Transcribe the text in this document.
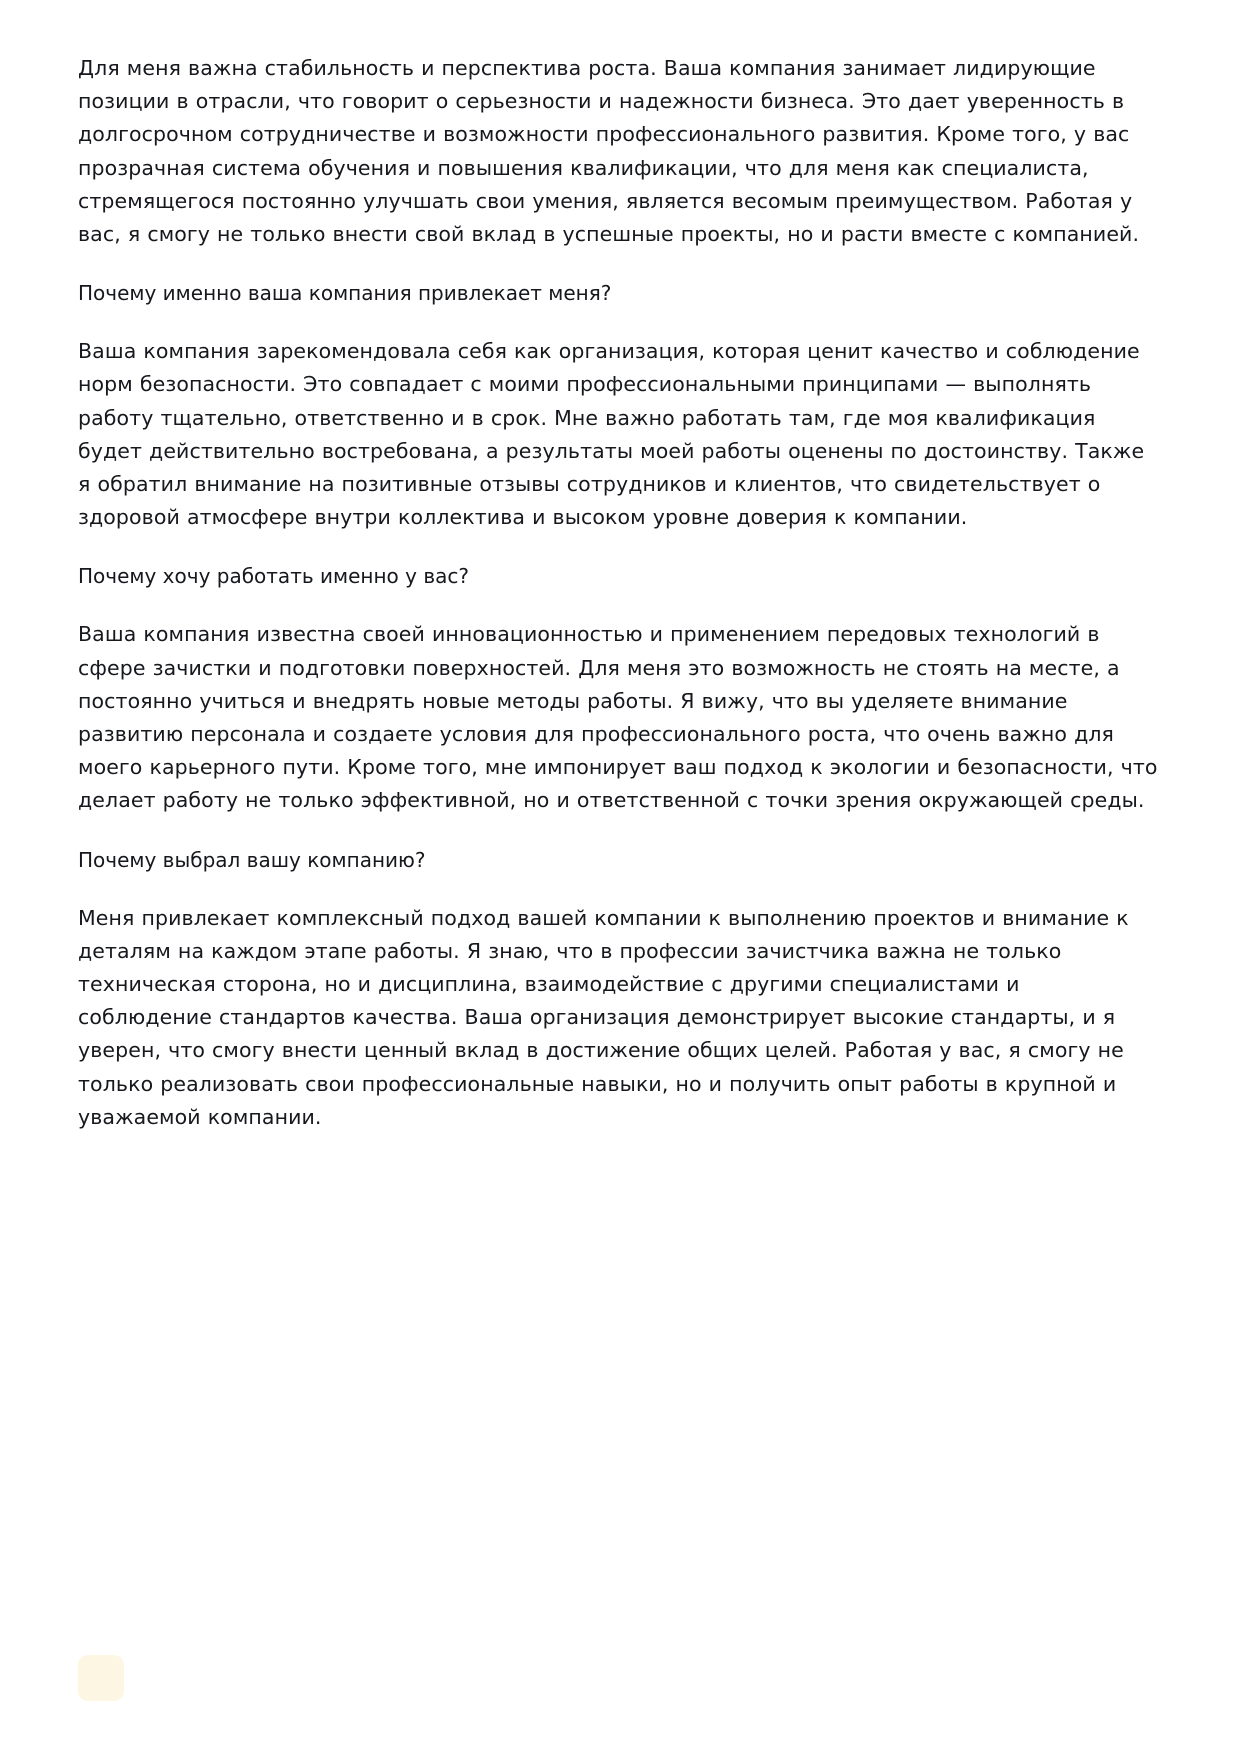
Для меня важна стабильность и перспектива роста. Ваша компания занимает лидирующие позиции в отрасли, что говорит о серьезности и надежности бизнеса. Это дает уверенность в долгосрочном сотрудничестве и возможности профессионального развития. Кроме того, у вас прозрачная система обучения и повышения квалификации, что для меня как специалиста, стремящегося постоянно улучшать свои умения, является весомым преимуществом. Работая у вас, я смогу не только внести свой вклад в успешные проекты, но и расти вместе с компанией.

Почему именно ваша компания привлекает меня?

Ваша компания зарекомендовала себя как организация, которая ценит качество и соблюдение норм безопасности. Это совпадает с моими профессиональными принципами — выполнять работу тщательно, ответственно и в срок. Мне важно работать там, где моя квалификация будет действительно востребована, а результаты моей работы оценены по достоинству. Также я обратил внимание на позитивные отзывы сотрудников и клиентов, что свидетельствует о здоровой атмосфере внутри коллектива и высоком уровне доверия к компании.

Почему хочу работать именно у вас?

Ваша компания известна своей инновационностью и применением передовых технологий в сфере зачистки и подготовки поверхностей. Для меня это возможность не стоять на месте, а постоянно учиться и внедрять новые методы работы. Я вижу, что вы уделяете внимание развитию персонала и создаете условия для профессионального роста, что очень важно для моего карьерного пути. Кроме того, мне импонирует ваш подход к экологии и безопасности, что делает работу не только эффективной, но и ответственной с точки зрения окружающей среды.

Почему выбрал вашу компанию?

Меня привлекает комплексный подход вашей компании к выполнению проектов и внимание к деталям на каждом этапе работы. Я знаю, что в профессии зачистчика важна не только техническая сторона, но и дисциплина, взаимодействие с другими специалистами и соблюдение стандартов качества. Ваша организация демонстрирует высокие стандарты, и я уверен, что смогу внести ценный вклад в достижение общих целей. Работая у вас, я смогу не только реализовать свои профессиональные навыки, но и получить опыт работы в крупной и уважаемой компании.
